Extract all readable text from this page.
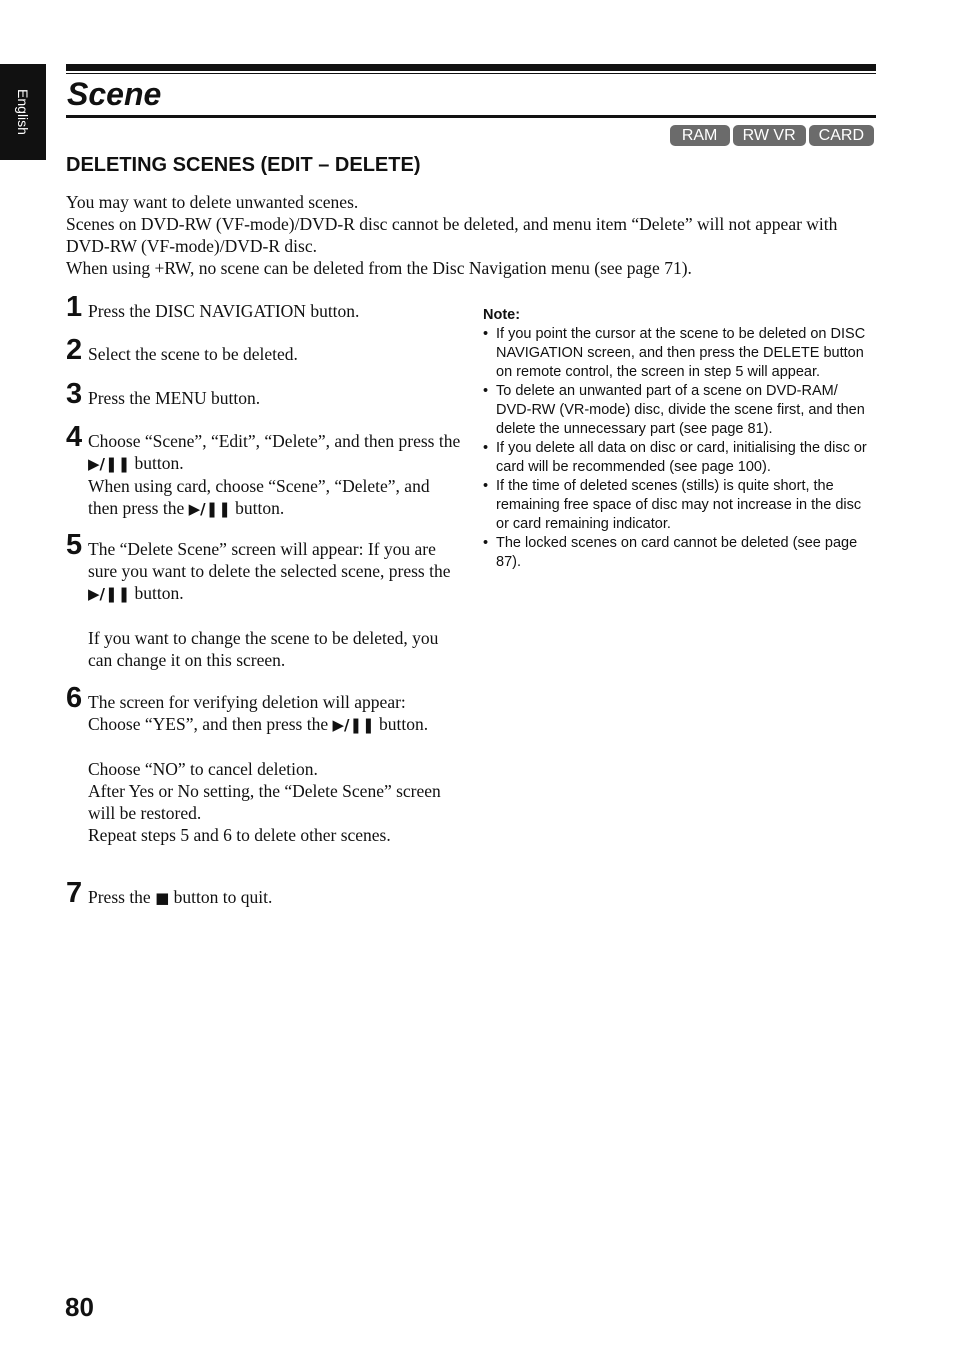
English Scene
RAM	RW VR	CARD
DELETING SCENES (EDIT – DELETE)

You may want to delete unwanted scenes.

Scenes on DVD-RW (VF-mode)/DVD-R disc cannot be deleted, and menu item “Delete” will not appear with DVD-RW (VF-mode)/DVD-R disc.

When using +RW, no scene can be deleted from the Disc Navigation menu (see page 71).

1 Press the DISC NAVIGATION button.

2 Select the scene to be deleted.

3 Press the MENU button.

4 Choose “Scene”, “Edit”, “Delete”, and then press the ▶/❚❚ button.

When using card, choose “Scene”, “Delete”, and then press the ▶/❚❚ button.

5 The “Delete Scene” screen will appear: If you are sure you want to delete the selected scene, press the ▶/❚❚ button.

If you want to change the scene to be deleted, you can change it on this screen.

6 The screen for verifying deletion will appear: Choose “YES”, and then press the ▶/❚❚ button.

Choose “NO” to cancel deletion.

After Yes or No setting, the “Delete Scene” screen will be restored.

Repeat steps 5 and 6 to delete other scenes.

7 Press the ■ button to quit.

Note:
• If you point the cursor at the scene to be deleted on DISC NAVIGATION screen, and then press the DELETE button on remote control, the screen in step 5 will appear.
• To delete an unwanted part of a scene on DVD-RAM/ DVD-RW (VR-mode) disc, divide the scene first, and then delete the unnecessary part (see page 81).
• If you delete all data on disc or card, initialising the disc or card will be recommended (see page 100).
• If the time of deleted scenes (stills) is quite short, the remaining free space of disc may not increase in the disc or card remaining indicator.
• The locked scenes on card cannot be deleted (see page 87).
80
